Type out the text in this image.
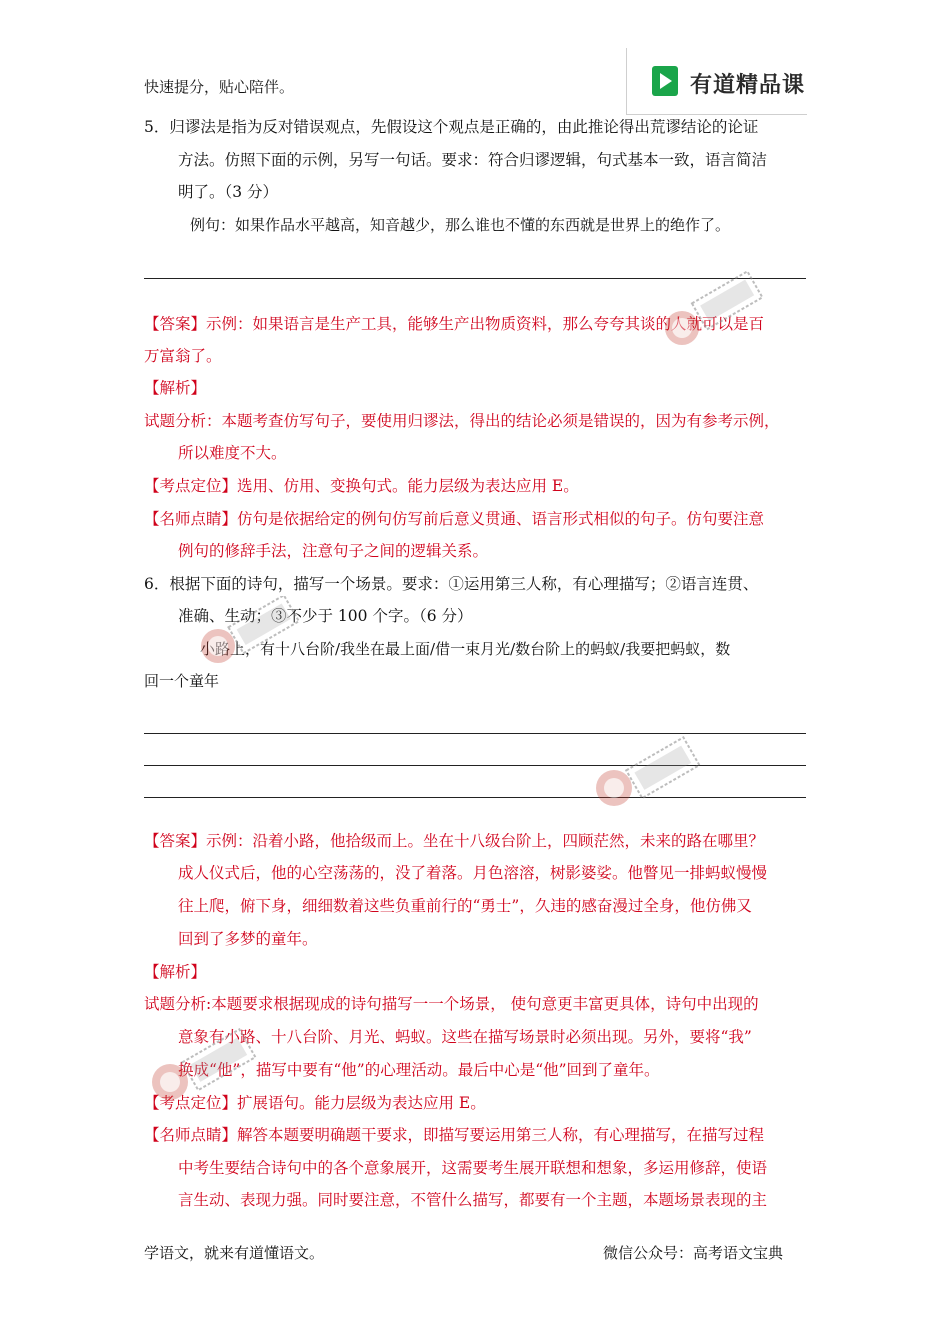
快速提分，贴心陪伴。	有道精品课
5．归谬法是指为反对错误观点，先假设这个观点是正确的，由此推论得出荒谬结论的论证
方法。仿照下面的示例，另写一句话。要求：符合归谬逻辑，句式基本一致，语言简洁
明了。（3 分）
例句：如果作品水平越高，知音越少，那么谁也不懂的东西就是世界上的绝作了。
【答案】示例：如果语言是生产工具，能够生产出物质资料，那么夸夸其谈的人就可以是百
万富翁了。
【解析】
试题分析：本题考查仿写句子，要使用归谬法，得出的结论必须是错误的，因为有参考示例，
所以难度不大。
【考点定位】选用、仿用、变换句式。能力层级为表达应用 E。
【名师点睛】仿句是依据给定的例句仿写前后意义贯通、语言形式相似的句子。仿句要注意
例句的修辞手法，注意句子之间的逻辑关系。
6．根据下面的诗句，描写一个场景。要求：①运用第三人称，有心理描写；②语言连贯、
准确、生动；③不少于 100 个字。（6 分）
小路上，有十八台阶/我坐在最上面/借一束月光/数台阶上的蚂蚁/我要把蚂蚁，数
回一个童年
【答案】示例：沿着小路，他拾级而上。坐在十八级台阶上，四顾茫然，未来的路在哪里？
成人仪式后，他的心空荡荡的，没了着落。月色溶溶，树影婆娑。他瞥见一排蚂蚁慢慢
往上爬，俯下身，细细数着这些负重前行的“勇士”，久违的感奋漫过全身，他仿佛又
回到了多梦的童年。
【解析】
试题分析:本题要求根据现成的诗句描写一一个场景， 使句意更丰富更具体，诗句中出现的
意象有小路、十八台阶、月光、蚂蚁。这些在描写场景时必须出现。另外，要将“我”
换成“他”，描写中要有“他”的心理活动。最后中心是“他”回到了童年。
【考点定位】扩展语句。能力层级为表达应用 E。
【名师点睛】解答本题要明确题干要求，即描写要运用第三人称，有心理描写，在描写过程
中考生要结合诗句中的各个意象展开，这需要考生展开联想和想象，多运用修辞，使语
言生动、表现力强。同时要注意，不管什么描写，都要有一个主题，本题场景表现的主
学语文，就来有道懂语文。	微信公众号：高考语文宝典
